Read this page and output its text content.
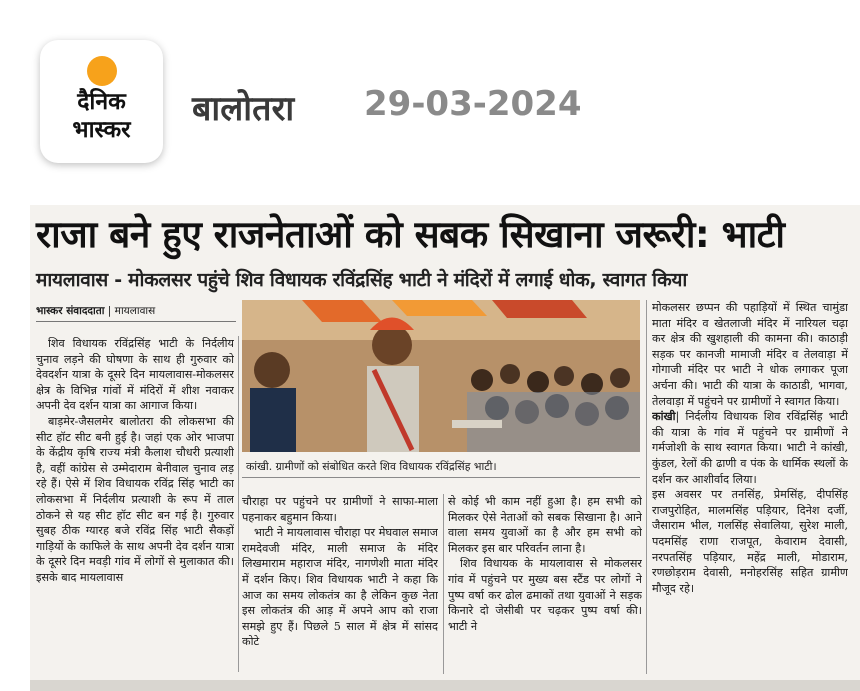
दैनिक
भास्कर
बालोतरा 29-03-2024
राजा बने हुए राजनेताओं को सबक सिखाना जरूरी: भाटी
मायलावास - मोकलसर पहुंचे शिव विधायक रविंद्रसिंह भाटी ने मंदिरों में लगाई धोक, स्वागत किया
भास्कर संवाददाता | मायलावास

शिव विधायक रविंद्रसिंह भाटी के निर्दलीय चुनाव लड़ने की घोषणा के साथ ही गुरुवार को देवदर्शन यात्रा के दूसरे दिन मायलावास-मोकलसर क्षेत्र के विभिन्न गांवों में मंदिरों में शीश नवाकर अपनी देव दर्शन यात्रा का आगाज किया।

बाड़मेर-जैसलमेर बालोतरा की लोकसभा की सीट हॉट सीट बनी हुई है। जहां एक ओर भाजपा के केंद्रीय कृषि राज्य मंत्री कैलाश चौधरी प्रत्याशी है, वहीं कांग्रेस से उम्मेदाराम बेनीवाल चुनाव लड़ रहे हैं। ऐसे में शिव विधायक रविंद्र सिंह भाटी का लोकसभा में निर्दलीय प्रत्याशी के रूप में ताल ठोकने से यह सीट हॉट सीट बन गई है। गुरुवार सुबह ठीक ग्यारह बजे रविंद्र सिंह भाटी सैकड़ों गाड़ियों के काफिले के साथ अपनी देव दर्शन यात्रा के दूसरे दिन मवड़ी गांव में लोगों से मुलाकात की। इसके बाद मायलावास

कांखी. ग्रामीणों को संबोधित करते शिव विधायक रविंद्रसिंह भाटी।

चौराहा पर पहुंचने पर ग्रामीणों ने साफा-माला पहनाकर बहुमान किया।

भाटी ने मायलावास चौराहा पर मेघवाल समाज रामदेवजी मंदिर, माली समाज के मंदिर लिखमाराम महाराज मंदिर, नागणेशी माता मंदिर में दर्शन किए। शिव विधायक भाटी ने कहा कि आज का समय लोकतंत्र का है लेकिन कुछ नेता इस लोकतंत्र की आड़ में अपने आप को राजा समझे हुए हैं। पिछले 5 साल में क्षेत्र में सांसद कोटे

से कोई भी काम नहीं हुआ है। हम सभी को मिलकर ऐसे नेताओं को सबक सिखाना है। आने वाला समय युवाओं का है और हम सभी को मिलकर इस बार परिवर्तन लाना है।

शिव विधायक के मायलावास से मोकलसर गांव में पहुंचने पर मुख्य बस स्टैंड पर लोगों ने पुष्प वर्षा कर ढोल ढमाकों तथा युवाओं ने सड़क किनारे दो जेसीबी पर चढ़कर पुष्प वर्षा की। भाटी ने

मोकलसर छप्पन की पहाड़ियों में स्थित चामुंडा माता मंदिर व खेतलाजी मंदिर में नारियल चढ़ा कर क्षेत्र की खुशहाली की कामना की। काठाड़ी सड़क पर कानजी मामाजी मंदिर व तेलवाड़ा में गोगाजी मंदिर पर भाटी ने धोक लगाकर पूजा अर्चना की। भाटी की यात्रा के काठाडी, भागवा, तेलवाड़ा में पहुंचने पर ग्रामीणों ने स्वागत किया।

कांखी| निर्दलीय विधायक शिव रविंद्रसिंह भाटी की यात्रा के गांव में पहुंचने पर ग्रामीणों ने गर्मजोशी के साथ स्वागत किया। भाटी ने कांखी, कुंडल, रेलों की ढाणी व पंक के धार्मिक स्थलों के दर्शन कर आशीर्वाद लिया।

इस अवसर पर तनसिंह, प्रेमसिंह, दीपसिंह राजपुरोहित, मालमसिंह पड़ियार, दिनेश दर्जी, जैसाराम भील, गलसिंह सेवालिया, सुरेश माली, पदमसिंह राणा राजपूत, केवाराम देवासी, नरपतसिंह पड़ियार, महेंद्र माली, मोडाराम, रणछोड़राम देवासी, मनोहरसिंह सहित ग्रामीण मौजूद रहे।
